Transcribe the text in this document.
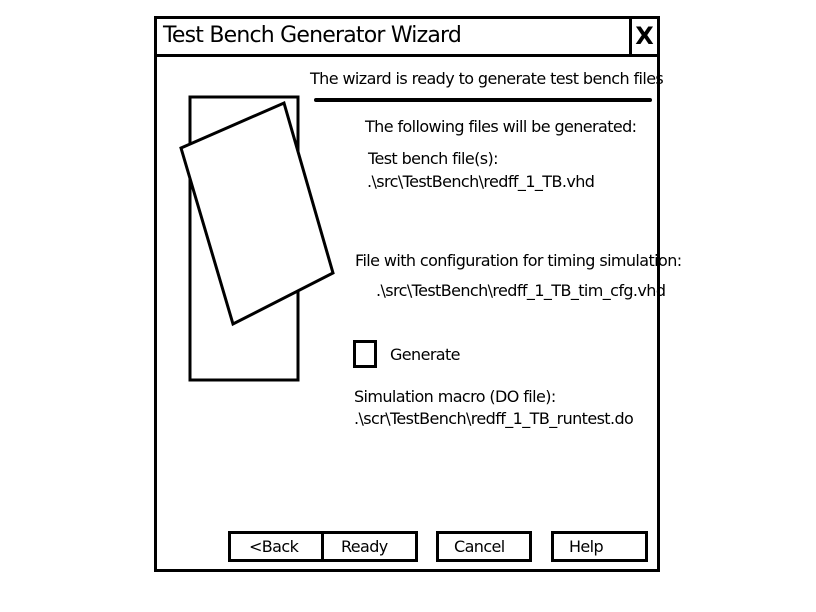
Test Bench Generator Wizard	X
The wizard is ready to generate test bench files
The following files will be generated:
Test bench file(s):
.\src\TestBench\redff_1_TB.vhd
File with configuration for timing simulation:
.\src\TestBench\redff_1_TB_tim_cfg.vhd
Generate
Simulation macro (DO file):
.\scr\TestBench\redff_1_TB_runtest.do
<Back	Ready	Cancel	Help
